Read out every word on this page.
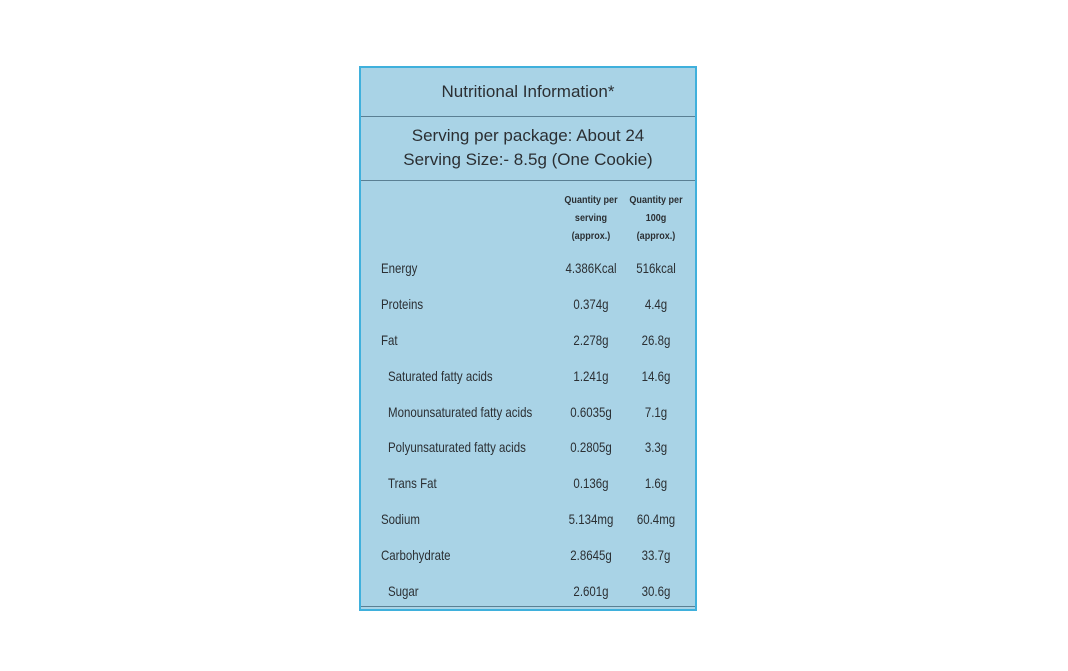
Nutritional Information*
Serving per package: About 24
Serving Size:- 8.5g (One Cookie)
Quantity per
serving
(approx.)
Quantity per
100g
(approx.)
Energy	4.386Kcal	516kcal
Proteins	0.374g	4.4g
Fat	2.278g	26.8g
Saturated fatty acids	1.241g	14.6g
Monounsaturated fatty acids	0.6035g	7.1g
Polyunsaturated fatty acids	0.2805g	3.3g
Trans Fat	0.136g	1.6g
Sodium	5.134mg	60.4mg
Carbohydrate	2.8645g	33.7g
Sugar	2.601g	30.6g
